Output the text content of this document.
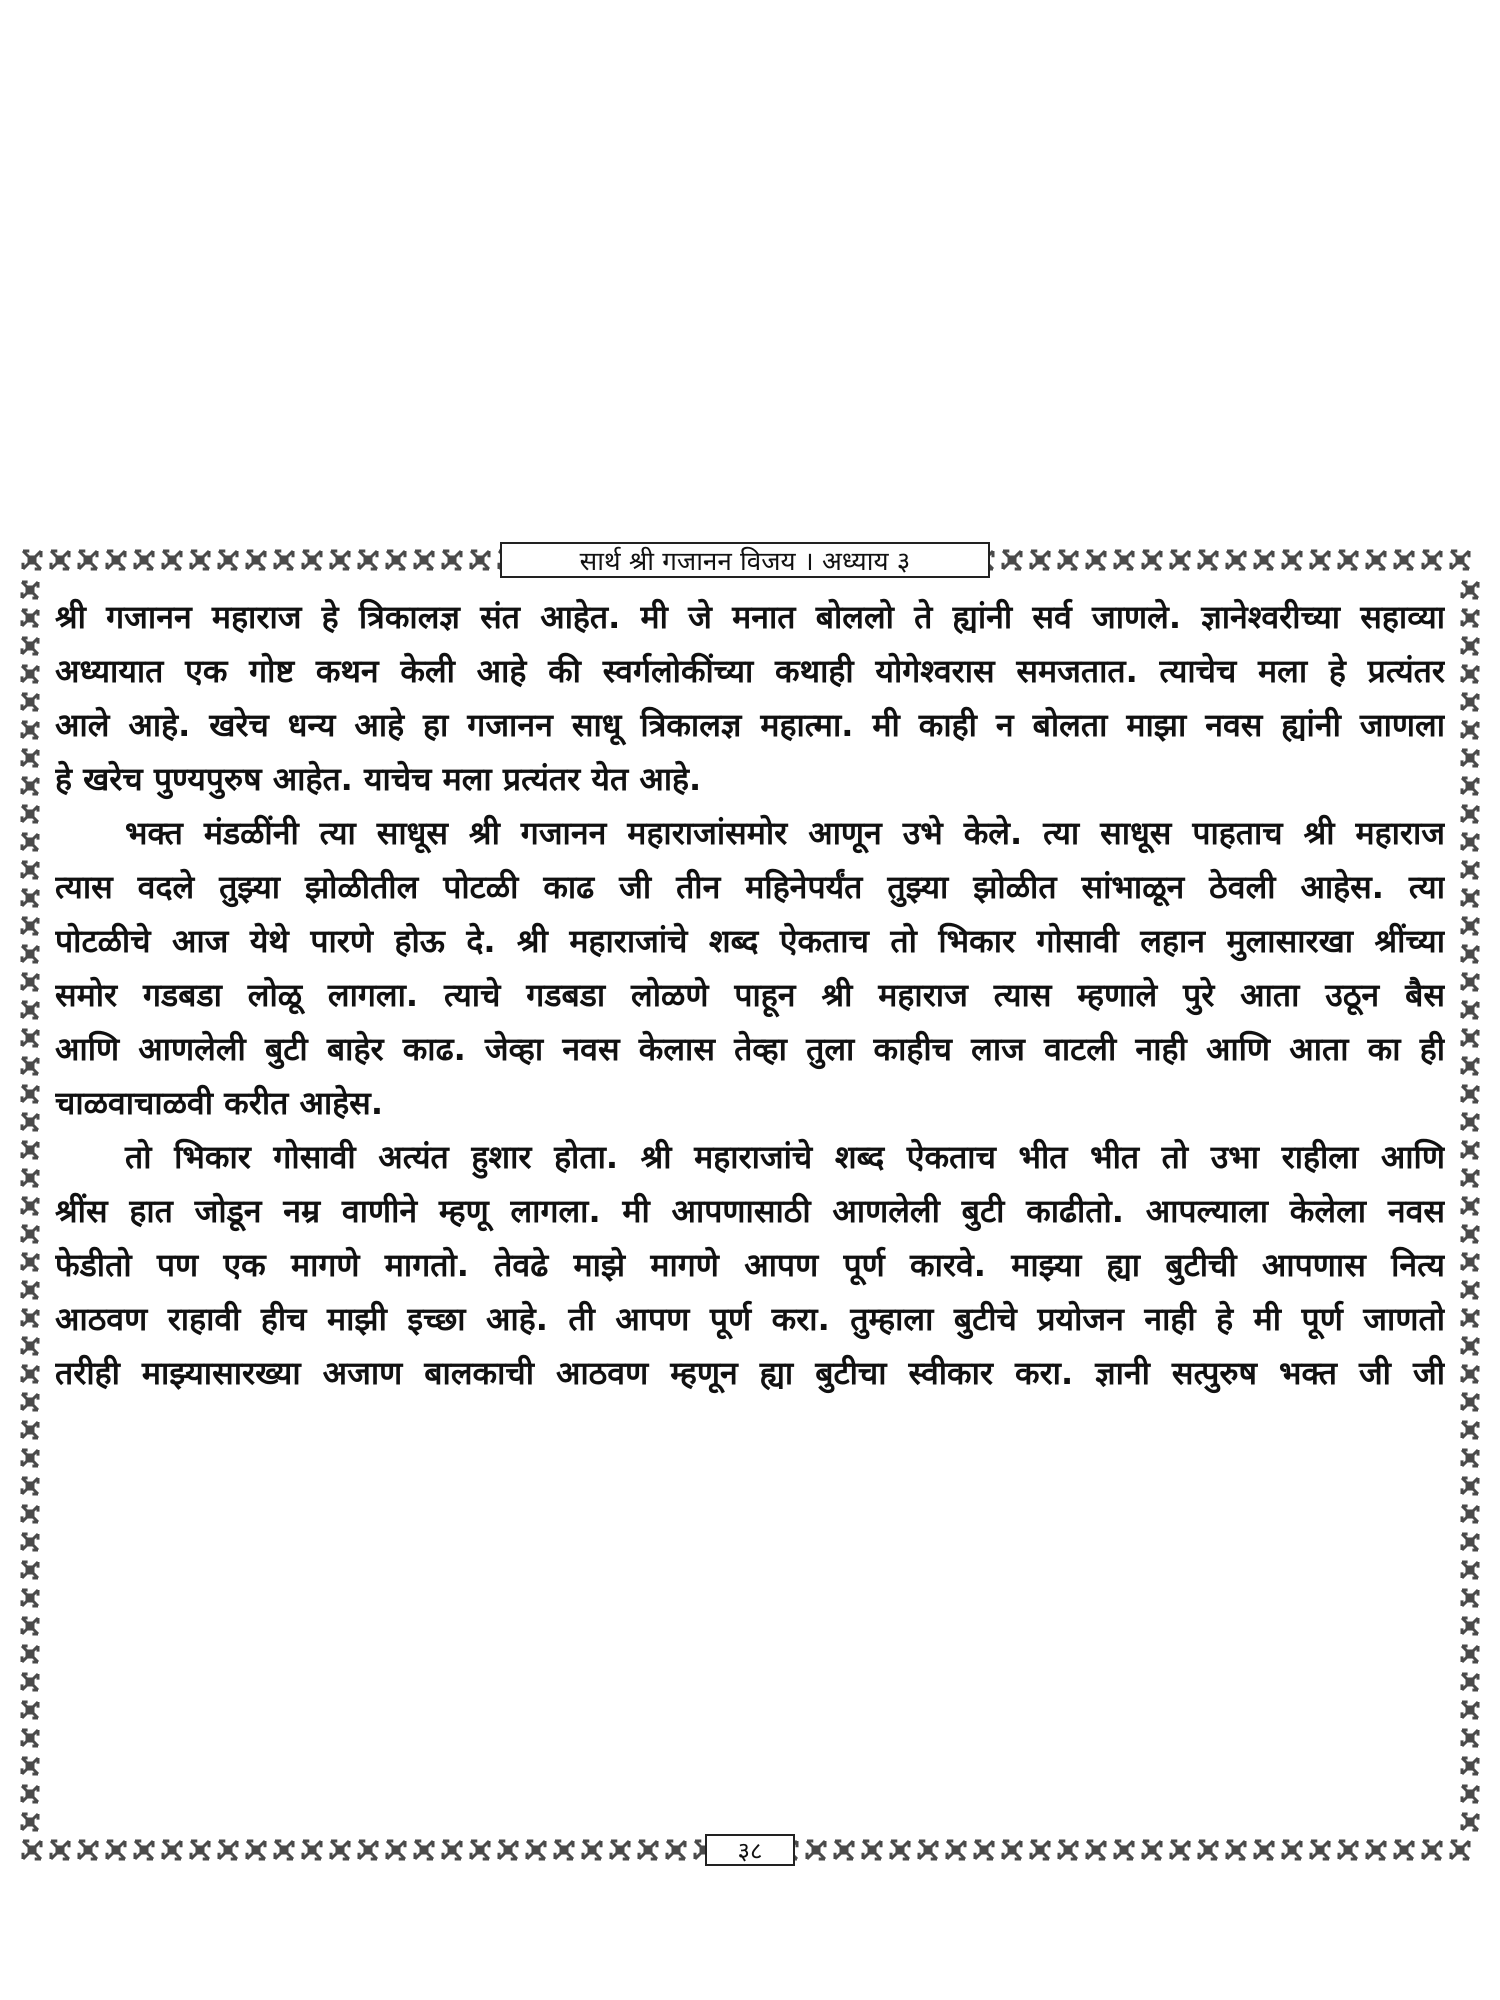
सार्थ श्री गजानन विजय । अध्याय ३
श्री गजानन महाराज हे त्रिकालज्ञ संत आहेत. मी जे मनात बोललो ते ह्यांनी सर्व जाणले. ज्ञानेश्वरीच्या सहाव्या
अध्यायात एक गोष्ट कथन केली आहे की स्वर्गलोकींच्या कथाही योगेश्वरास समजतात. त्याचेच मला हे प्रत्यंतर
आले आहे. खरेच धन्य आहे हा गजानन साधू त्रिकालज्ञ महात्मा. मी काही न बोलता माझा नवस ह्यांनी जाणला
हे खरेच पुण्यपुरुष आहेत. याचेच मला प्रत्यंतर येत आहे.
भक्त मंडळींनी त्या साधूस श्री गजानन महाराजांसमोर आणून उभे केले. त्या साधूस पाहताच श्री महाराज
त्यास वदले तुझ्या झोळीतील पोटळी काढ जी तीन महिनेपर्यंत तुझ्या झोळीत सांभाळून ठेवली आहेस. त्या
पोटळीचे आज येथे पारणे होऊ दे. श्री महाराजांचे शब्द ऐकताच तो भिकार गोसावी लहान मुलासारखा श्रींच्या
समोर गडबडा लोळू लागला. त्याचे गडबडा लोळणे पाहून श्री महाराज त्यास म्हणाले पुरे आता उठून बैस
आणि आणलेली बुटी बाहेर काढ. जेव्हा नवस केलास तेव्हा तुला काहीच लाज वाटली नाही आणि आता का ही
चाळवाचाळवी करीत आहेस.
तो भिकार गोसावी अत्यंत हुशार होता. श्री महाराजांचे शब्द ऐकताच भीत भीत तो उभा राहीला आणि
श्रींस हात जोडून नम्र वाणीने म्हणू लागला. मी आपणासाठी आणलेली बुटी काढीतो. आपल्याला केलेला नवस
फेडीतो पण एक मागणे मागतो. तेवढे माझे मागणे आपण पूर्ण कारवे. माझ्या ह्या बुटीची आपणास नित्य
आठवण राहावी हीच माझी इच्छा आहे. ती आपण पूर्ण करा. तुम्हाला बुटीचे प्रयोजन नाही हे मी पूर्ण जाणतो
तरीही माझ्यासारख्या अजाण बालकाची आठवण म्हणून ह्या बुटीचा स्वीकार करा. ज्ञानी सत्पुरुष भक्त जी जी
३८
